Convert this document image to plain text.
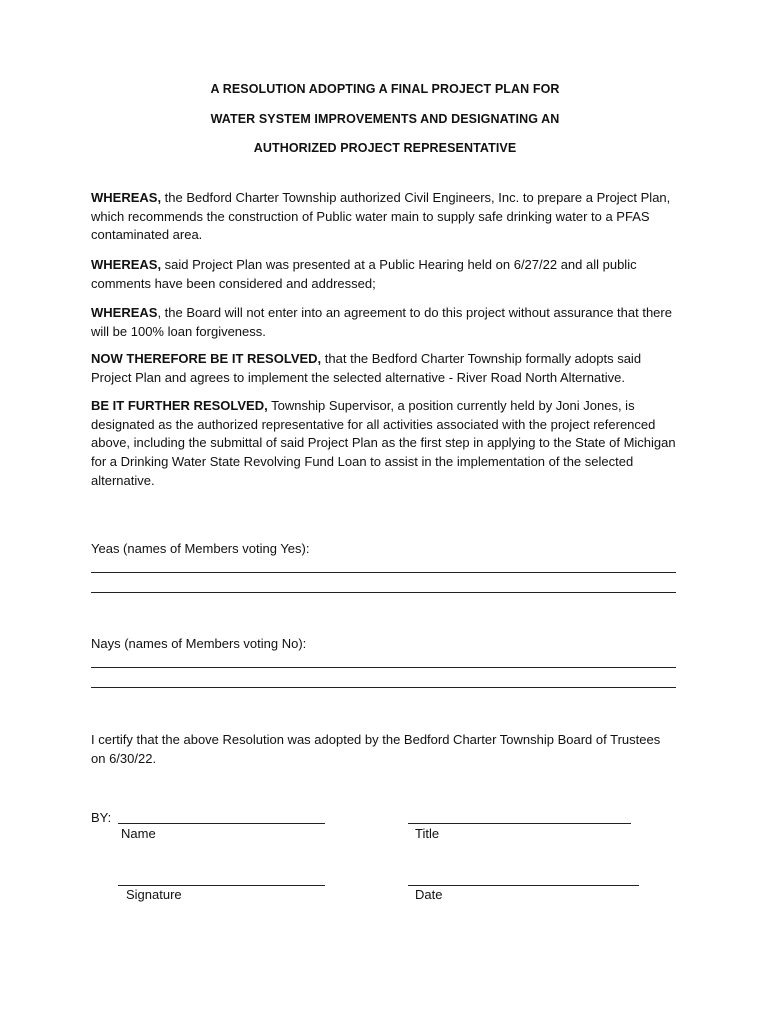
A RESOLUTION ADOPTING A FINAL PROJECT PLAN FOR
WATER SYSTEM IMPROVEMENTS AND DESIGNATING AN
AUTHORIZED PROJECT REPRESENTATIVE

WHEREAS, the Bedford Charter Township authorized Civil Engineers, Inc. to prepare a Project Plan, which recommends the construction of Public water main to supply safe drinking water to a PFAS contaminated area.

WHEREAS, said Project Plan was presented at a Public Hearing held on 6/27/22 and all public comments have been considered and addressed;

WHEREAS, the Board will not enter into an agreement to do this project without assurance that there will be 100% loan forgiveness.

NOW THEREFORE BE IT RESOLVED, that the Bedford Charter Township formally adopts said Project Plan and agrees to implement the selected alternative - River Road North Alternative.

BE IT FURTHER RESOLVED, Township Supervisor, a position currently held by Joni Jones, is designated as the authorized representative for all activities associated with the project referenced above, including the submittal of said Project Plan as the first step in applying to the State of Michigan for a Drinking Water State Revolving Fund Loan to assist in the implementation of the selected alternative.

Yeas (names of Members voting Yes):
Nays (names of Members voting No):

I certify that the above Resolution was adopted by the Bedford Charter Township Board of Trustees on 6/30/22.

BY:
Name	Title
Signature	Date
